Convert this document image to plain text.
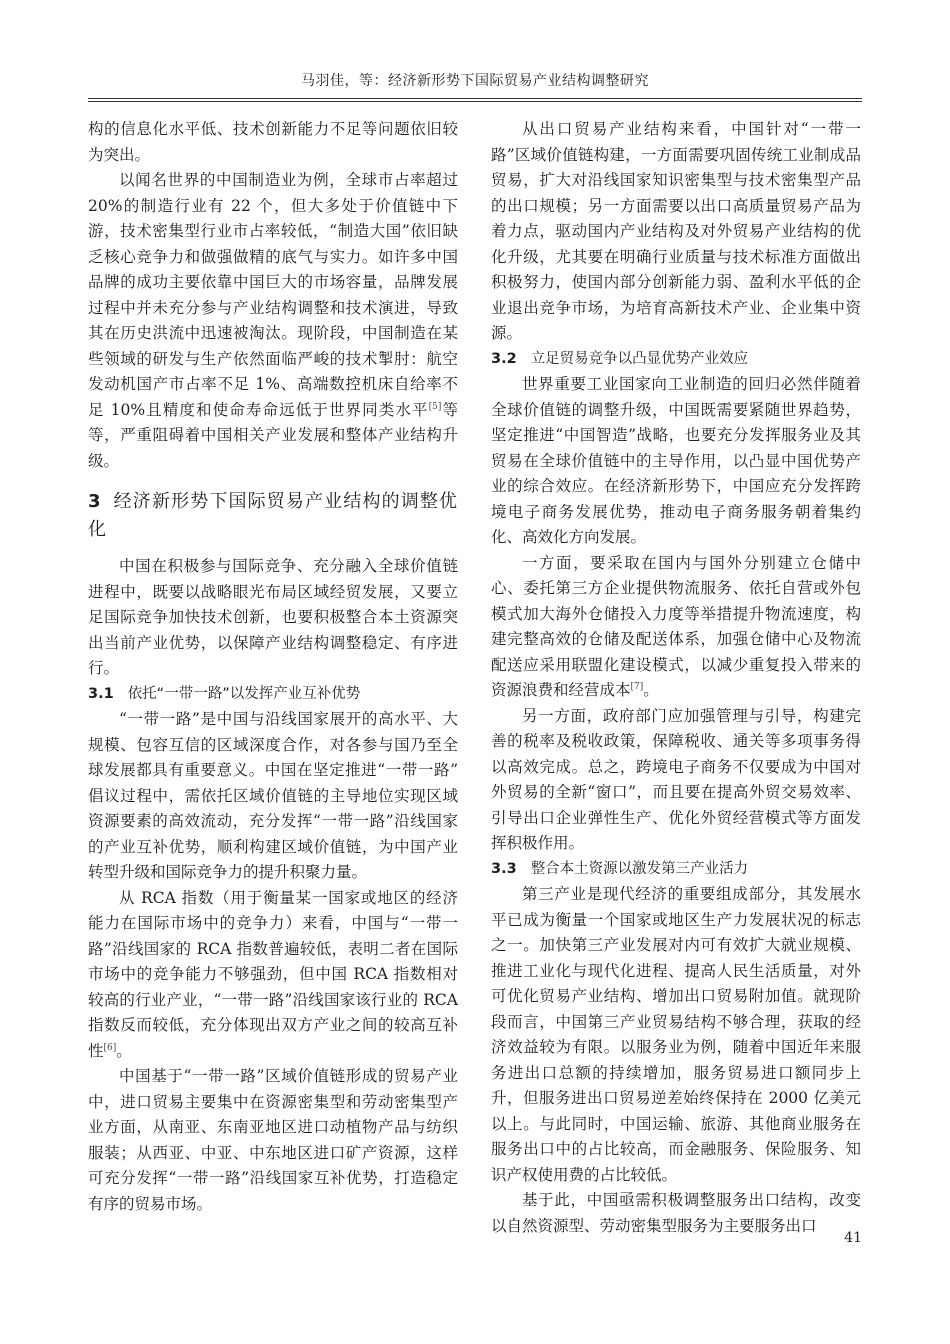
马羽佳，等：经济新形势下国际贸易产业结构调整研究

构的信息化水平低、技术创新能力不足等问题依旧较为突出。

以闻名世界的中国制造业为例，全球市占率超过 20%的制造行业有 22 个，但大多处于价值链中下游，技术密集型行业市占率较低，“制造大国”依旧缺乏核心竞争力和做强做精的底气与实力。如许多中国品牌的成功主要依靠中国巨大的市场容量，品牌发展过程中并未充分参与产业结构调整和技术演进，导致其在历史洪流中迅速被淘汰。现阶段，中国制造在某些领域的研发与生产依然面临严峻的技术掣肘：航空发动机国产市占率不足 1%、高端数控机床自给率不足 10%且精度和使命寿命远低于世界同类水平[5]等等，严重阻碍着中国相关产业发展和整体产业结构升级。

3 经济新形势下国际贸易产业结构的调整优化

中国在积极参与国际竞争、充分融入全球价值链进程中，既要以战略眼光布局区域经贸发展，又要立足国际竞争加快技术创新，也要积极整合本土资源突出当前产业优势，以保障产业结构调整稳定、有序进行。

3.1 依托“一带一路”以发挥产业互补优势

“一带一路”是中国与沿线国家展开的高水平、大规模、包容互信的区域深度合作，对各参与国乃至全球发展都具有重要意义。中国在坚定推进“一带一路” 倡议过程中，需依托区域价值链的主导地位实现区域资源要素的高效流动，充分发挥“一带一路”沿线国家的产业互补优势，顺利构建区域价值链，为中国产业转型升级和国际竞争力的提升积聚力量。

从 RCA 指数（用于衡量某一国家或地区的经济能力在国际市场中的竞争力）来看，中国与“一带一路”沿线国家的 RCA 指数普遍较低，表明二者在国际市场中的竞争能力不够强劲，但中国 RCA 指数相对较高的行业产业，“一带一路”沿线国家该行业的 RCA 指数反而较低，充分体现出双方产业之间的较高互补性[6]。

中国基于“一带一路”区域价值链形成的贸易产业中，进口贸易主要集中在资源密集型和劳动密集型产业方面，从南亚、东南亚地区进口动植物产品与纺织服装；从西亚、中亚、中东地区进口矿产资源，这样可充分发挥“一带一路”沿线国家互补优势，打造稳定有序的贸易市场。

从出口贸易产业结构来看，中国针对“一带一路”区域价值链构建，一方面需要巩固传统工业制成品贸易，扩大对沿线国家知识密集型与技术密集型产品的出口规模；另一方面需要以出口高质量贸易产品为着力点，驱动国内产业结构及对外贸易产业结构的优化升级，尤其要在明确行业质量与技术标准方面做出积极努力，使国内部分创新能力弱、盈利水平低的企业退出竞争市场，为培育高新技术产业、企业集中资源。

3.2 立足贸易竞争以凸显优势产业效应

世界重要工业国家向工业制造的回归必然伴随着全球价值链的调整升级，中国既需要紧随世界趋势，坚定推进“中国智造”战略，也要充分发挥服务业及其贸易在全球价值链中的主导作用，以凸显中国优势产业的综合效应。在经济新形势下，中国应充分发挥跨境电子商务发展优势，推动电子商务服务朝着集约化、高效化方向发展。

一方面，要采取在国内与国外分别建立仓储中心、委托第三方企业提供物流服务、依托自营或外包模式加大海外仓储投入力度等举措提升物流速度，构建完整高效的仓储及配送体系，加强仓储中心及物流配送应采用联盟化建设模式，以减少重复投入带来的资源浪费和经营成本[7]。

另一方面，政府部门应加强管理与引导，构建完善的税率及税收政策，保障税收、通关等多项事务得以高效完成。总之，跨境电子商务不仅要成为中国对外贸易的全新“窗口”，而且要在提高外贸交易效率、引导出口企业弹性生产、优化外贸经营模式等方面发挥积极作用。

3.3 整合本土资源以激发第三产业活力

第三产业是现代经济的重要组成部分，其发展水平已成为衡量一个国家或地区生产力发展状况的标志之一。加快第三产业发展对内可有效扩大就业规模、推进工业化与现代化进程、提高人民生活质量，对外可优化贸易产业结构、增加出口贸易附加值。就现阶段而言，中国第三产业贸易结构不够合理，获取的经济效益较为有限。以服务业为例，随着中国近年来服务进出口总额的持续增加，服务贸易进口额同步上升，但服务进出口贸易逆差始终保持在 2000 亿美元以上。与此同时，中国运输、旅游、其他商业服务在服务出口中的占比较高，而金融服务、保险服务、知识产权使用费的占比较低。

基于此，中国亟需积极调整服务出口结构，改变以自然资源型、劳动密集型服务为主要服务出口

41
